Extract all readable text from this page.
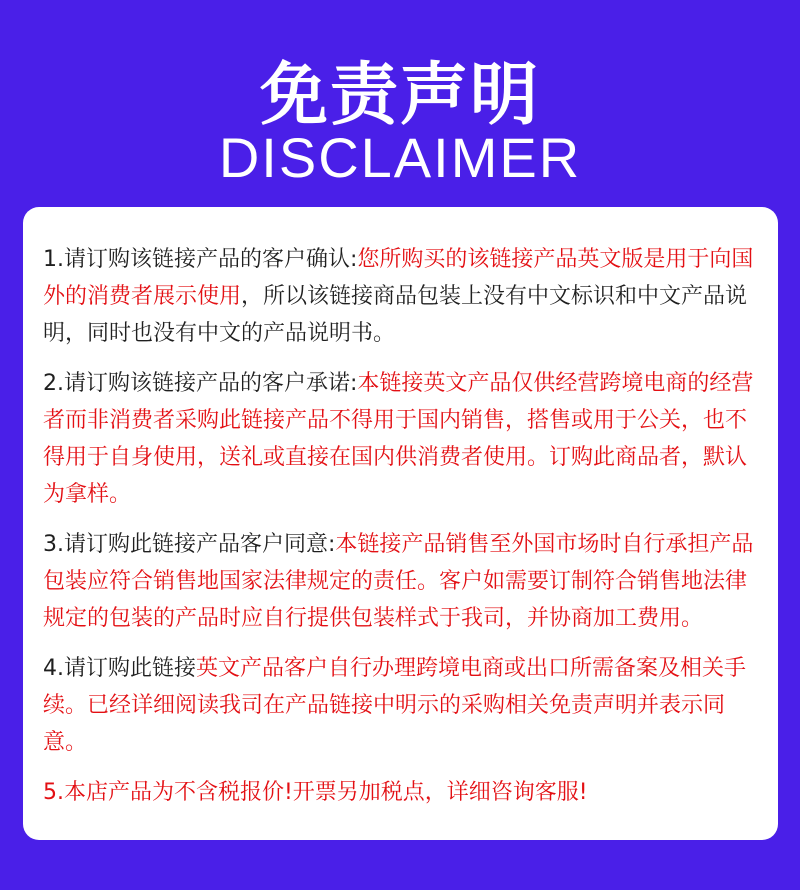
免责声明
DISCLAIMER

1.请订购该链接产品的客户确认:您所购买的该链接产品英文版是用于向国外的消费者展示使用，所以该链接商品包装上没有中文标识和中文产品说明，同时也没有中文的产品说明书。

2.请订购该链接产品的客户承诺:本链接英文产品仅供经营跨境电商的经营者而非消费者采购此链接产品不得用于国内销售，搭售或用于公关，也不得用于自身使用，送礼或直接在国内供消费者使用。订购此商品者，默认为拿样。

3.请订购此链接产品客户同意:本链接产品销售至外国市场时自行承担产品包装应符合销售地国家法律规定的责任。客户如需要订制符合销售地法律规定的包装的产品时应自行提供包装样式于我司，并协商加工费用。

4.请订购此链接英文产品客户自行办理跨境电商或出口所需备案及相关手续。已经详细阅读我司在产品链接中明示的采购相关免责声明并表示同意。

5.本店产品为不含税报价!开票另加税点，详细咨询客服!
